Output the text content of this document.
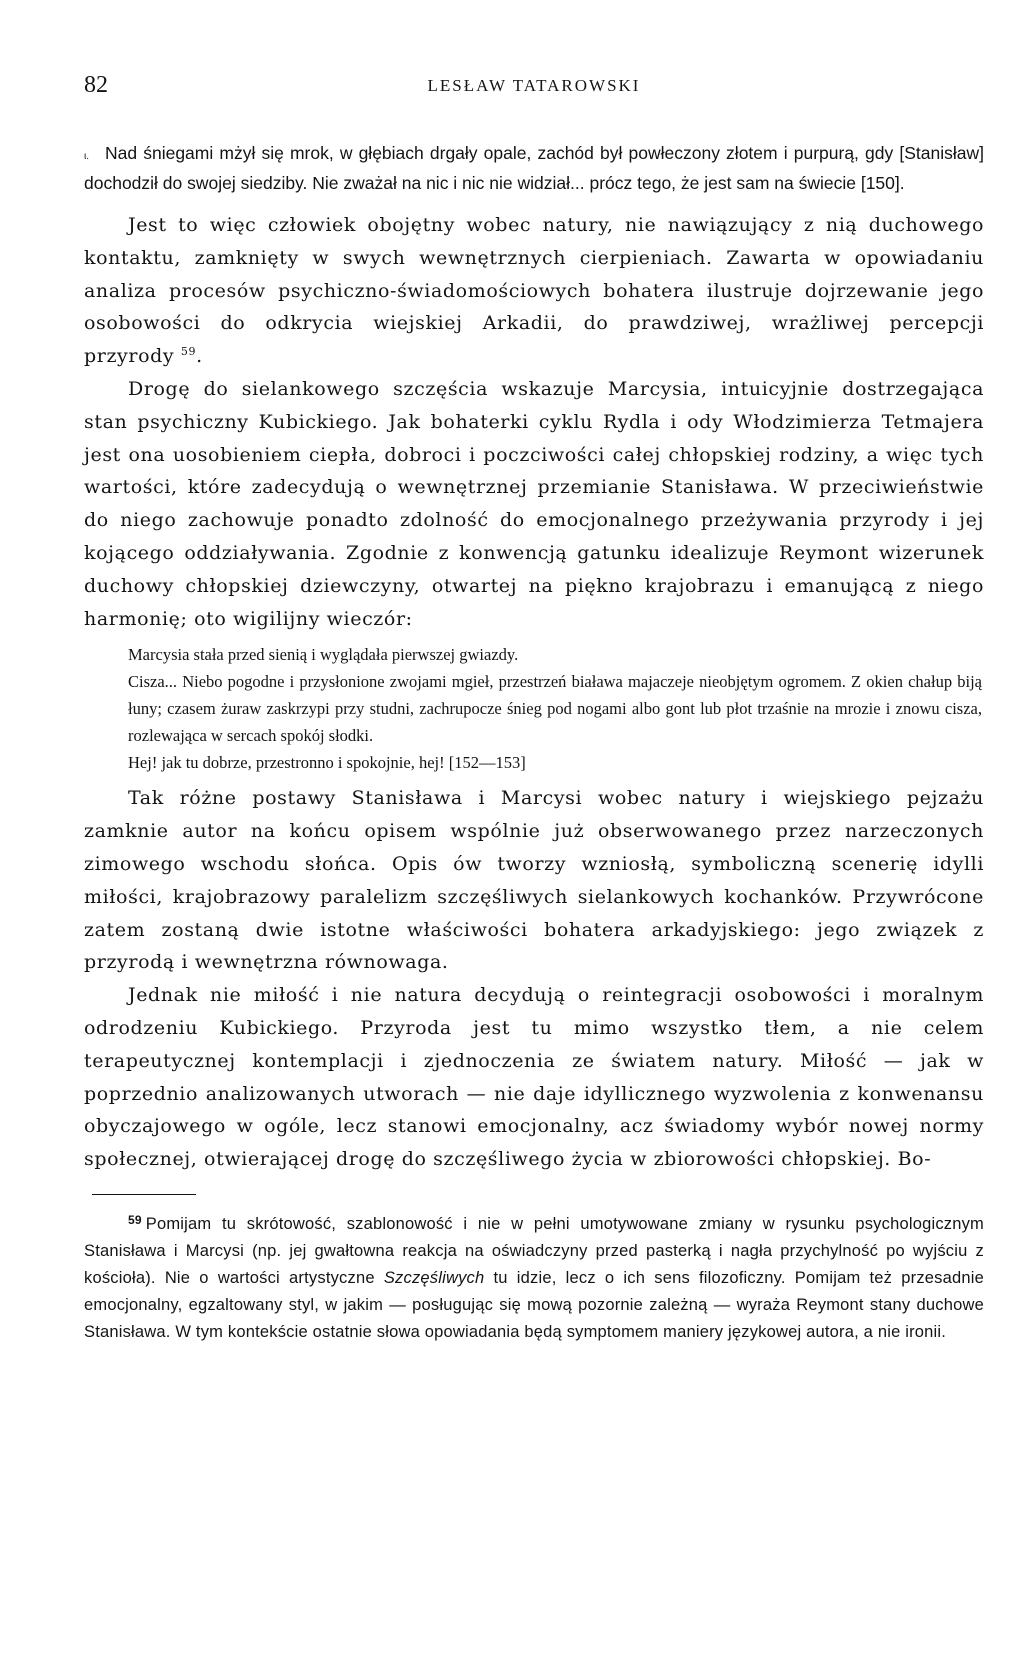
82	LESŁAW TATAROWSKI

ι. Nad śniegami mżył się mrok, w głębiach drgały opale, zachód był powłeczony złotem i purpurą, gdy [Stanisław] dochodził do swojej siedziby. Nie zważał na nic i nic nie widział... prócz tego, że jest sam na świecie [150].

Jest to więc człowiek obojętny wobec natury, nie nawiązujący z nią duchowego kontaktu, zamknięty w swych wewnętrznych cierpieniach. Zawarta w opowiadaniu analiza procesów psychiczno-świadomościowych bohatera ilustruje dojrzewanie jego osobowości do odkrycia wiejskiej Arkadii, do prawdziwej, wrażliwej percepcji przyrody $^{59}$.

Drogę do sielankowego szczęścia wskazuje Marcysia, intuicyjnie dostrzegająca stan psychiczny Kubickiego. Jak bohaterki cyklu Rydla i ody Włodzimierza Tetmajera jest ona uosobieniem ciepła, dobroci i poczciwości całej chłopskiej rodziny, a więc tych wartości, które zadecydują o wewnętrznej przemianie Stanisława. W przeciwieństwie do niego zachowuje ponadto zdolność do emocjonalnego przeżywania przyrody i jej kojącego oddziaływania. Zgodnie z konwencją gatunku idealizuje Reymont wizerunek duchowy chłopskiej dziewczyny, otwartej na piękno krajobrazu i emanującą z niego harmonię; oto wigilijny wieczór:

Marcysia stała przed sienią i wyglądała pierwszej gwiazdy.

Cisza... Niebo pogodne i przysłonione zwojami mgieł, przestrzeń biaława majaczeje nieobjętym ogromem. Z okien chałup biją łuny; czasem żuraw zaskrzypi przy studni, zachrupocze śnieg pod nogami albo gont lub płot trzaśnie na mrozie i znowu cisza, rozlewająca w sercach spokój słodki.

Hej! jak tu dobrze, przestronno i spokojnie, hej! [152—153]

Tak różne postawy Stanisława i Marcysi wobec natury i wiejskiego pejzażu zamknie autor na końcu opisem wspólnie już obserwowanego przez narzeczonych zimowego wschodu słońca. Opis ów tworzy wzniosłą, symboliczną scenerię idylli miłości, krajobrazowy paralelizm szczęśliwych sielankowych kochanków. Przywrócone zatem zostaną dwie istotne właściwości bohatera arkadyjskiego: jego związek z przyrodą i wewnętrzna równowaga.

Jednak nie miłość i nie natura decydują o reintegracji osobowości i moralnym odrodzeniu Kubickiego. Przyroda jest tu mimo wszystko tłem, a nie celem terapeutycznej kontemplacji i zjednoczenia ze światem natury. Miłość — jak w poprzednio analizowanych utworach — nie daje idyllicznego wyzwolenia z konwenansu obyczajowego w ogóle, lecz stanowi emocjonalny, acz świadomy wybór nowej normy społecznej, otwierającej drogę do szczęśliwego życia w zbiorowości chłopskiej. Bo-

$^{59}$ Pomijam tu skrótowość, szablonowość i nie w pełni umotywowane zmiany w rysunku psychologicznym Stanisława i Marcysi (np. jej gwałtowna reakcja na oświadczyny przed pasterką i nagła przychylność po wyjściu z kościoła). Nie o wartości artystyczne Szczęśliwych tu idzie, lecz o ich sens filozoficzny. Pomijam też przesadnie emocjonalny, egzaltowany styl, w jakim — posługując się mową pozornie zależną — wyraża Reymont stany duchowe Stanisława. W tym kontekście ostatnie słowa opowiadania będą symptomem maniery językowej autora, a nie ironii.
